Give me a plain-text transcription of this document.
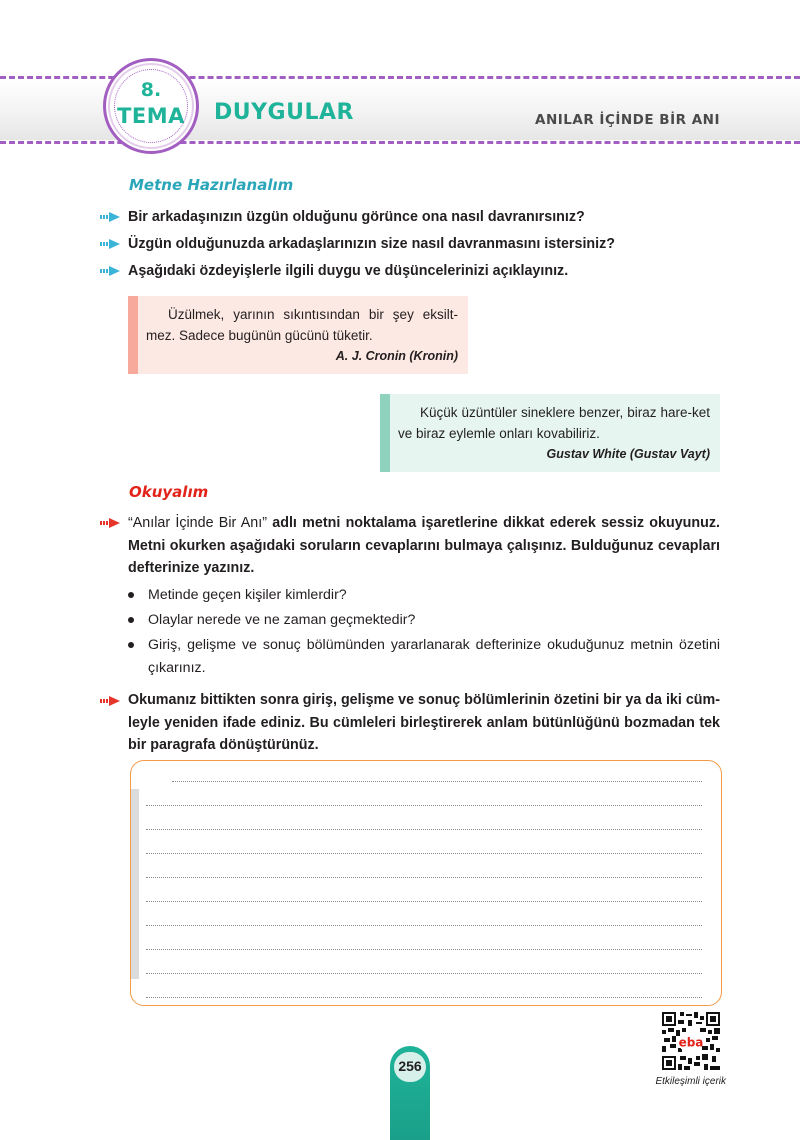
8.
TEMA	DUYGULAR	ANILAR İÇİNDE BİR ANI
Metne Hazırlanalım
Bir arkadaşınızın üzgün olduğunu görünce ona nasıl davranırsınız?
Üzgün olduğunuzda arkadaşlarınızın size nasıl davranmasını istersiniz?
Aşağıdaki özdeyişlerle ilgili duygu ve düşüncelerinizi açıklayınız.
Üzülmek, yarının sıkıntısından bir şey eksilt-mez. Sadece bugünün gücünü tüketir.
A. J. Cronin (Kronin)
Küçük üzüntüler sineklere benzer, biraz hare-ket ve biraz eylemle onları kovabiliriz.
Gustav White (Gustav Vayt)
Okuyalım
“Anılar İçinde Bir Anı” adlı metni noktalama işaretlerine dikkat ederek sessiz okuyunuz. Metni okurken aşağıdaki soruların cevaplarını bulmaya çalışınız. Bulduğunuz cevapları defterinize yazınız.
Metinde geçen kişiler kimlerdir?
Olaylar nerede ve ne zaman geçmektedir?
Giriş, gelişme ve sonuç bölümünden yararlanarak defterinize okuduğunuz metnin özetini çıkarınız.
Okumanız bittikten sonra giriş, gelişme ve sonuç bölümlerinin özetini bir ya da iki cüm-leyle yeniden ifade ediniz. Bu cümleleri birleştirerek anlam bütünlüğünü bozmadan tek bir paragrafa dönüştürünüz.
eba
Etkileşimli içerik
256
